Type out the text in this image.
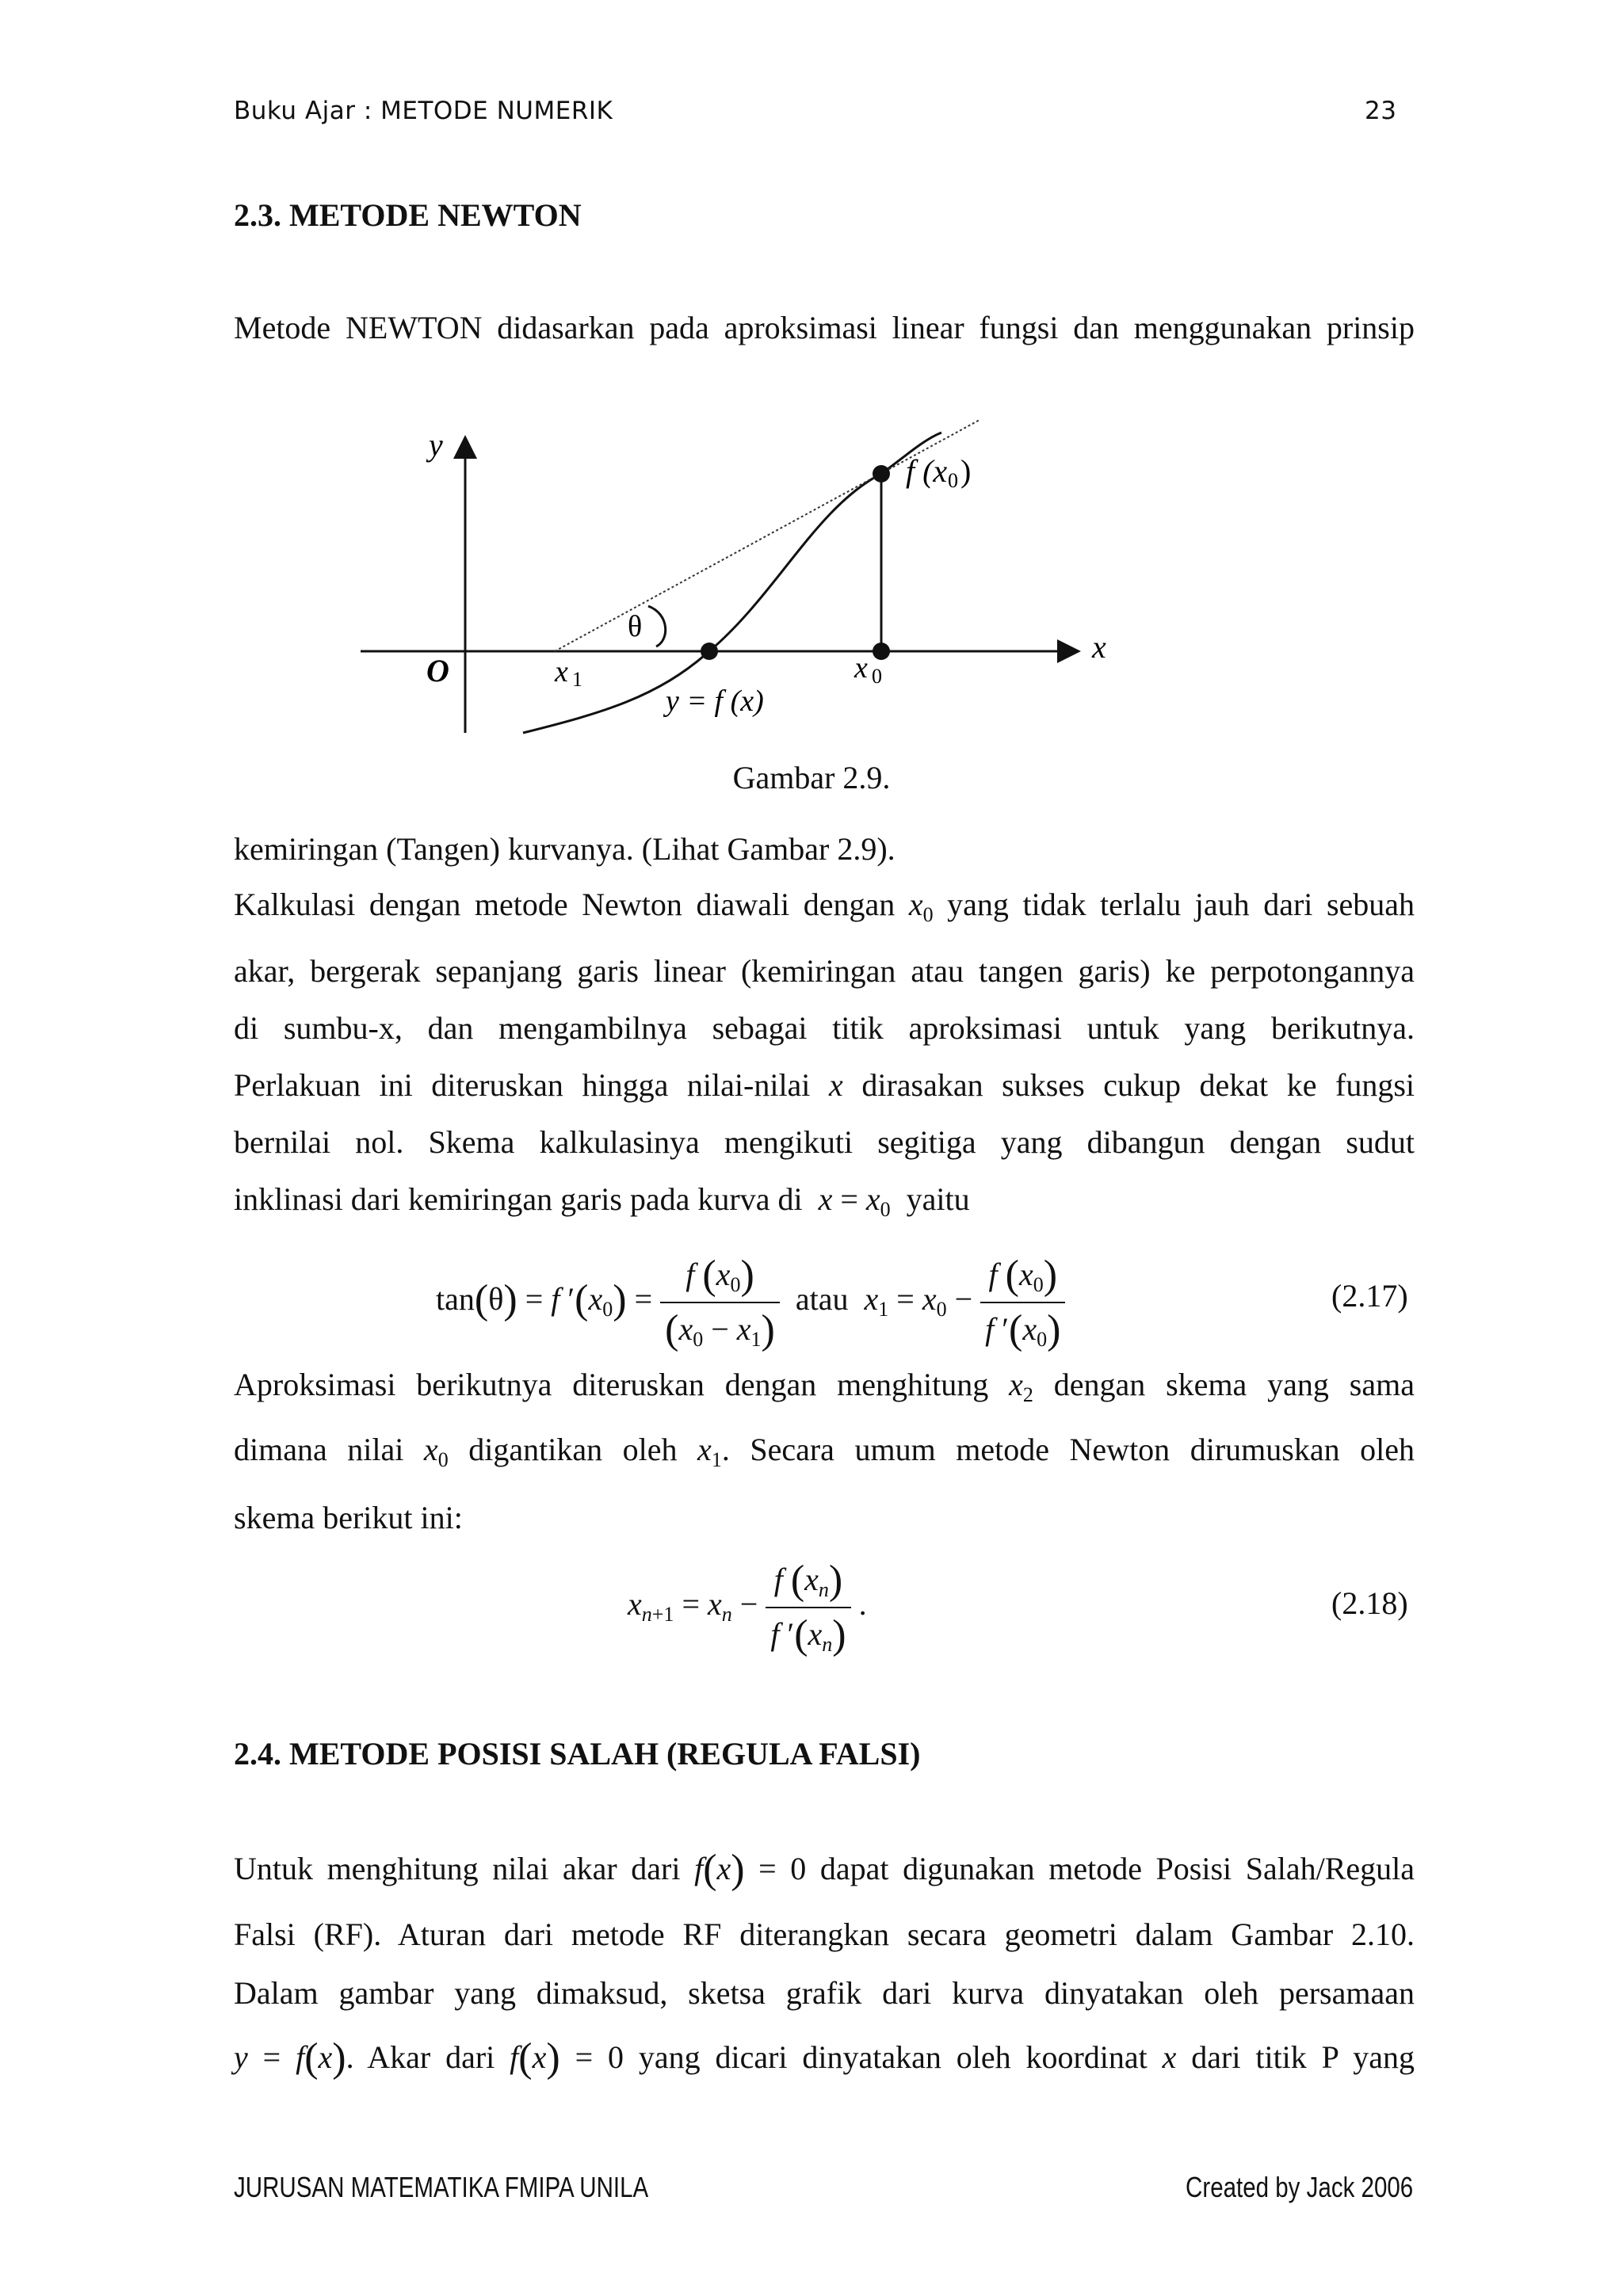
Buku Ajar : METODE NUMERIK	23
2.3. METODE NEWTON
Metode NEWTON didasarkan pada aproksimasi linear fungsi dan menggunakan prinsip
y
x
O	x 1	x 0
θ
y = f (x)
f (x 0 )
Gambar 2.9.
kemiringan (Tangen) kurvanya. (Lihat Gambar 2.9).
Kalkulasi dengan metode Newton diawali dengan $x_0$ yang tidak terlalu jauh dari sebuah
akar, bergerak sepanjang garis linear (kemiringan atau tangen garis) ke perpotongannya
di sumbu-x, dan mengambilnya sebagai titik aproksimasi untuk yang berikutnya.
Perlakuan ini diteruskan hingga nilai-nilai x dirasakan sukses cukup dekat ke fungsi
bernilai nol. Skema kalkulasinya mengikuti segitiga yang dibangun dengan sudut
inklinasi dari kemiringan garis pada kurva di $x = x_0$ yaitu
tan(θ) = f $'(x_0) = \frac{f (x_0)}{(x_0 - x_1)}$ atau $x_1 = x_0 - \frac{f (x_0)}{f '(x_0)}$	(2.17)
Aproksimasi berikutnya diteruskan dengan menghitung $x_2$ dengan skema yang sama
dimana nilai $x_0$ digantikan oleh $x_1$. Secara umum metode Newton dirumuskan oleh
skema berikut ini:
$x_{n+1} = x_n - \frac{f (x_n)}{f '(x_n)}$ .	(2.18)
2.4. METODE POSISI SALAH (REGULA FALSI)
Untuk menghitung nilai akar dari f(x) = 0 dapat digunakan metode Posisi Salah/Regula
Falsi (RF). Aturan dari metode RF diterangkan secara geometri dalam Gambar 2.10.
Dalam gambar yang dimaksud, sketsa grafik dari kurva dinyatakan oleh persamaan
y = f(x). Akar dari f(x) = 0 yang dicari dinyatakan oleh koordinat x dari titik P yang
JURUSAN MATEMATIKA FMIPA UNILA	Created by Jack 2006
